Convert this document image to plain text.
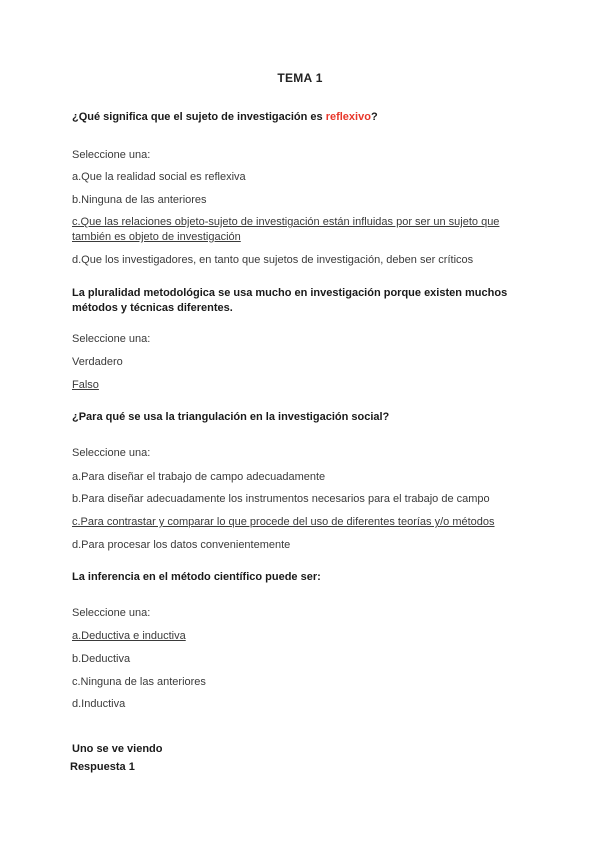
TEMA 1
¿Qué significa que el sujeto de investigación es reflexivo?
Seleccione una:
a.Que la realidad social es reflexiva
b.Ninguna de las anteriores
c.Que las relaciones objeto-sujeto de investigación están influidas por ser un sujeto que también es objeto de investigación
d.Que los investigadores, en tanto que sujetos de investigación, deben ser críticos
La pluralidad metodológica se usa mucho en investigación porque existen muchos métodos y técnicas diferentes.
Seleccione una:
Verdadero
Falso
¿Para qué se usa la triangulación en la investigación social?
Seleccione una:
a.Para diseñar el trabajo de campo adecuadamente
b.Para diseñar adecuadamente los instrumentos necesarios para el trabajo de campo
c.Para contrastar y comparar lo que procede del uso de diferentes teorías y/o métodos
d.Para procesar los datos convenientemente
La inferencia en el método científico puede ser:
Seleccione una:
a.Deductiva e inductiva
b.Deductiva
c.Ninguna de las anteriores
d.Inductiva
Uno se ve viendo
Respuesta 1
